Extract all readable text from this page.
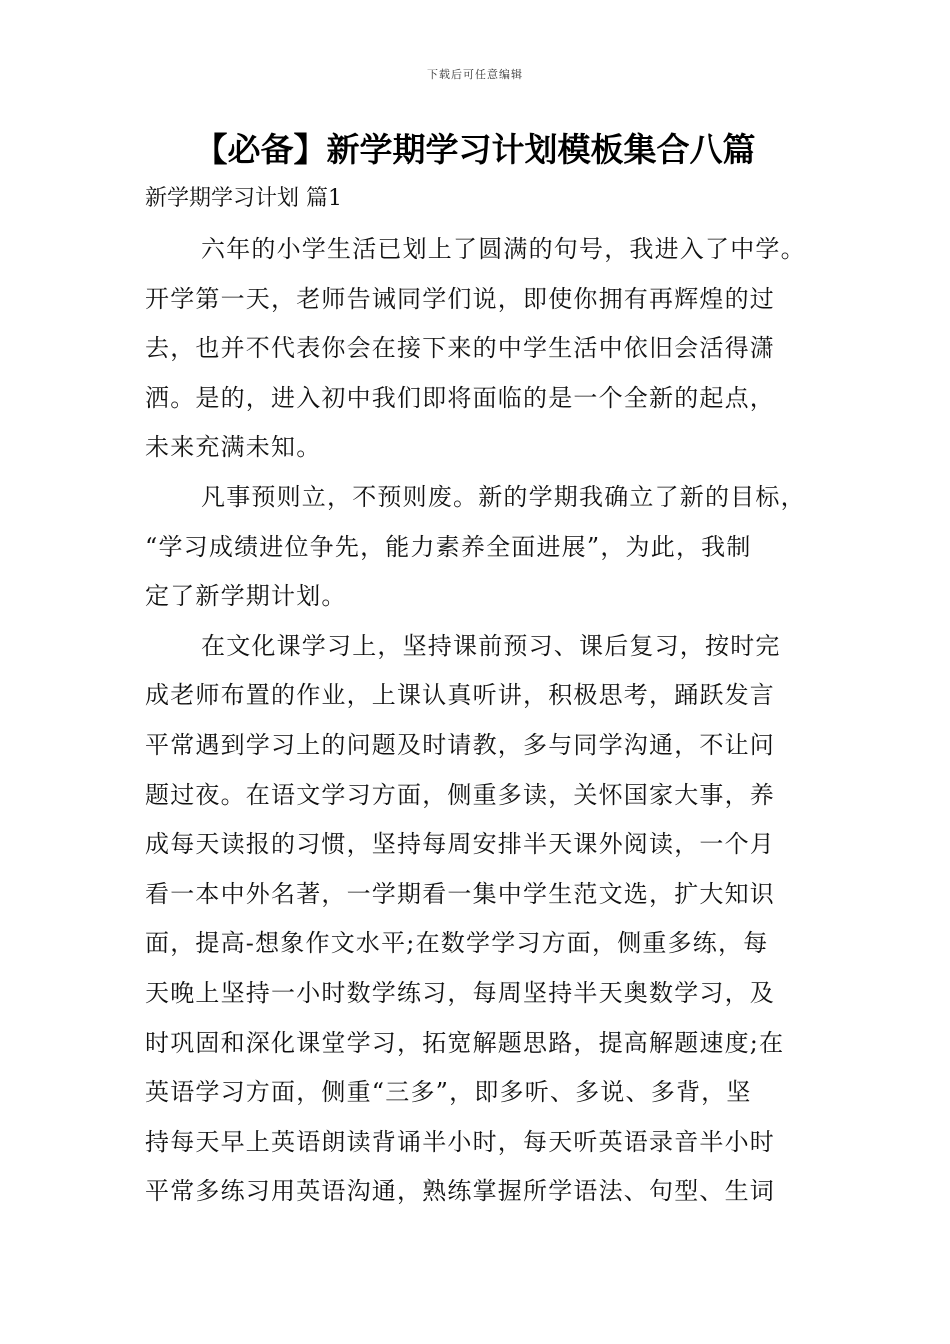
下载后可任意编辑
【必备】新学期学习计划模板集合八篇
新学期学习计划 篇1
六年的小学生活已划上了圆满的句号，我进入了中学。
开学第一天，老师告诫同学们说，即使你拥有再辉煌的过
去，也并不代表你会在接下来的中学生活中依旧会活得潇
洒。是的，进入初中我们即将面临的是一个全新的起点，
未来充满未知。
凡事预则立，不预则废。新的学期我确立了新的目标，
“学习成绩进位争先，能力素养全面进展”，为此，我制
定了新学期计划。
在文化课学习上，坚持课前预习、课后复习，按时完
成老师布置的作业，上课认真听讲，积极思考，踊跃发言
平常遇到学习上的问题及时请教，多与同学沟通，不让问
题过夜。在语文学习方面，侧重多读，关怀国家大事，养
成每天读报的习惯，坚持每周安排半天课外阅读，一个月
看一本中外名著，一学期看一集中学生范文选，扩大知识
面，提高-想象作文水平;在数学学习方面，侧重多练，每
天晚上坚持一小时数学练习，每周坚持半天奥数学习，及
时巩固和深化课堂学习，拓宽解题思路，提高解题速度;在
英语学习方面，侧重“三多”，即多听、多说、多背，坚
持每天早上英语朗读背诵半小时，每天听英语录音半小时
平常多练习用英语沟通，熟练掌握所学语法、句型、生词
